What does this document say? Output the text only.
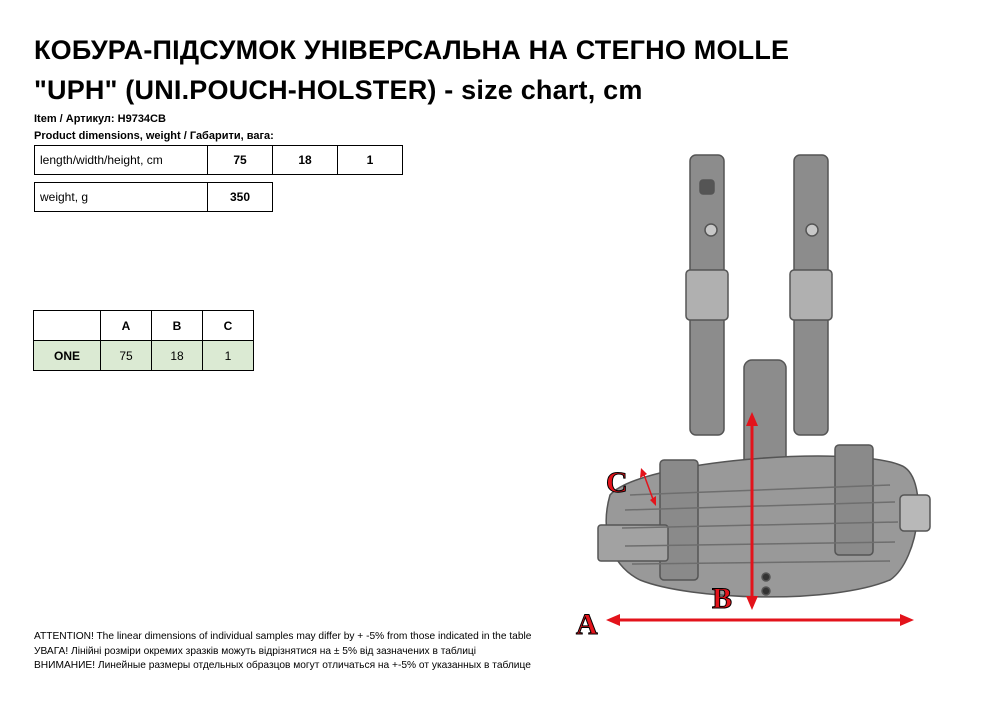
КОБУРА-ПІДСУМОК УНІВЕРСАЛЬНА НА СТЕГНО MOLLE
"UPH" (UNI.POUCH-HOLSTER) - size chart, cm
Item / Артикул: H9734CB
Product dimensions, weight / Габарити, вага:
length/width/height, cm	75	18	1
weight, g	350
	A	B	C
ONE	75	18	1
A
B
C
ATTENTION! The linear dimensions of individual samples may differ by + -5% from those indicated in the table
УВАГА! Лінійні розміри окремих зразків можуть відрізнятися на ± 5% від зазначених в таблиці
ВНИМАНИЕ! Линейные размеры отдельных образцов могут отличаться на +-5% от указанных в таблице
